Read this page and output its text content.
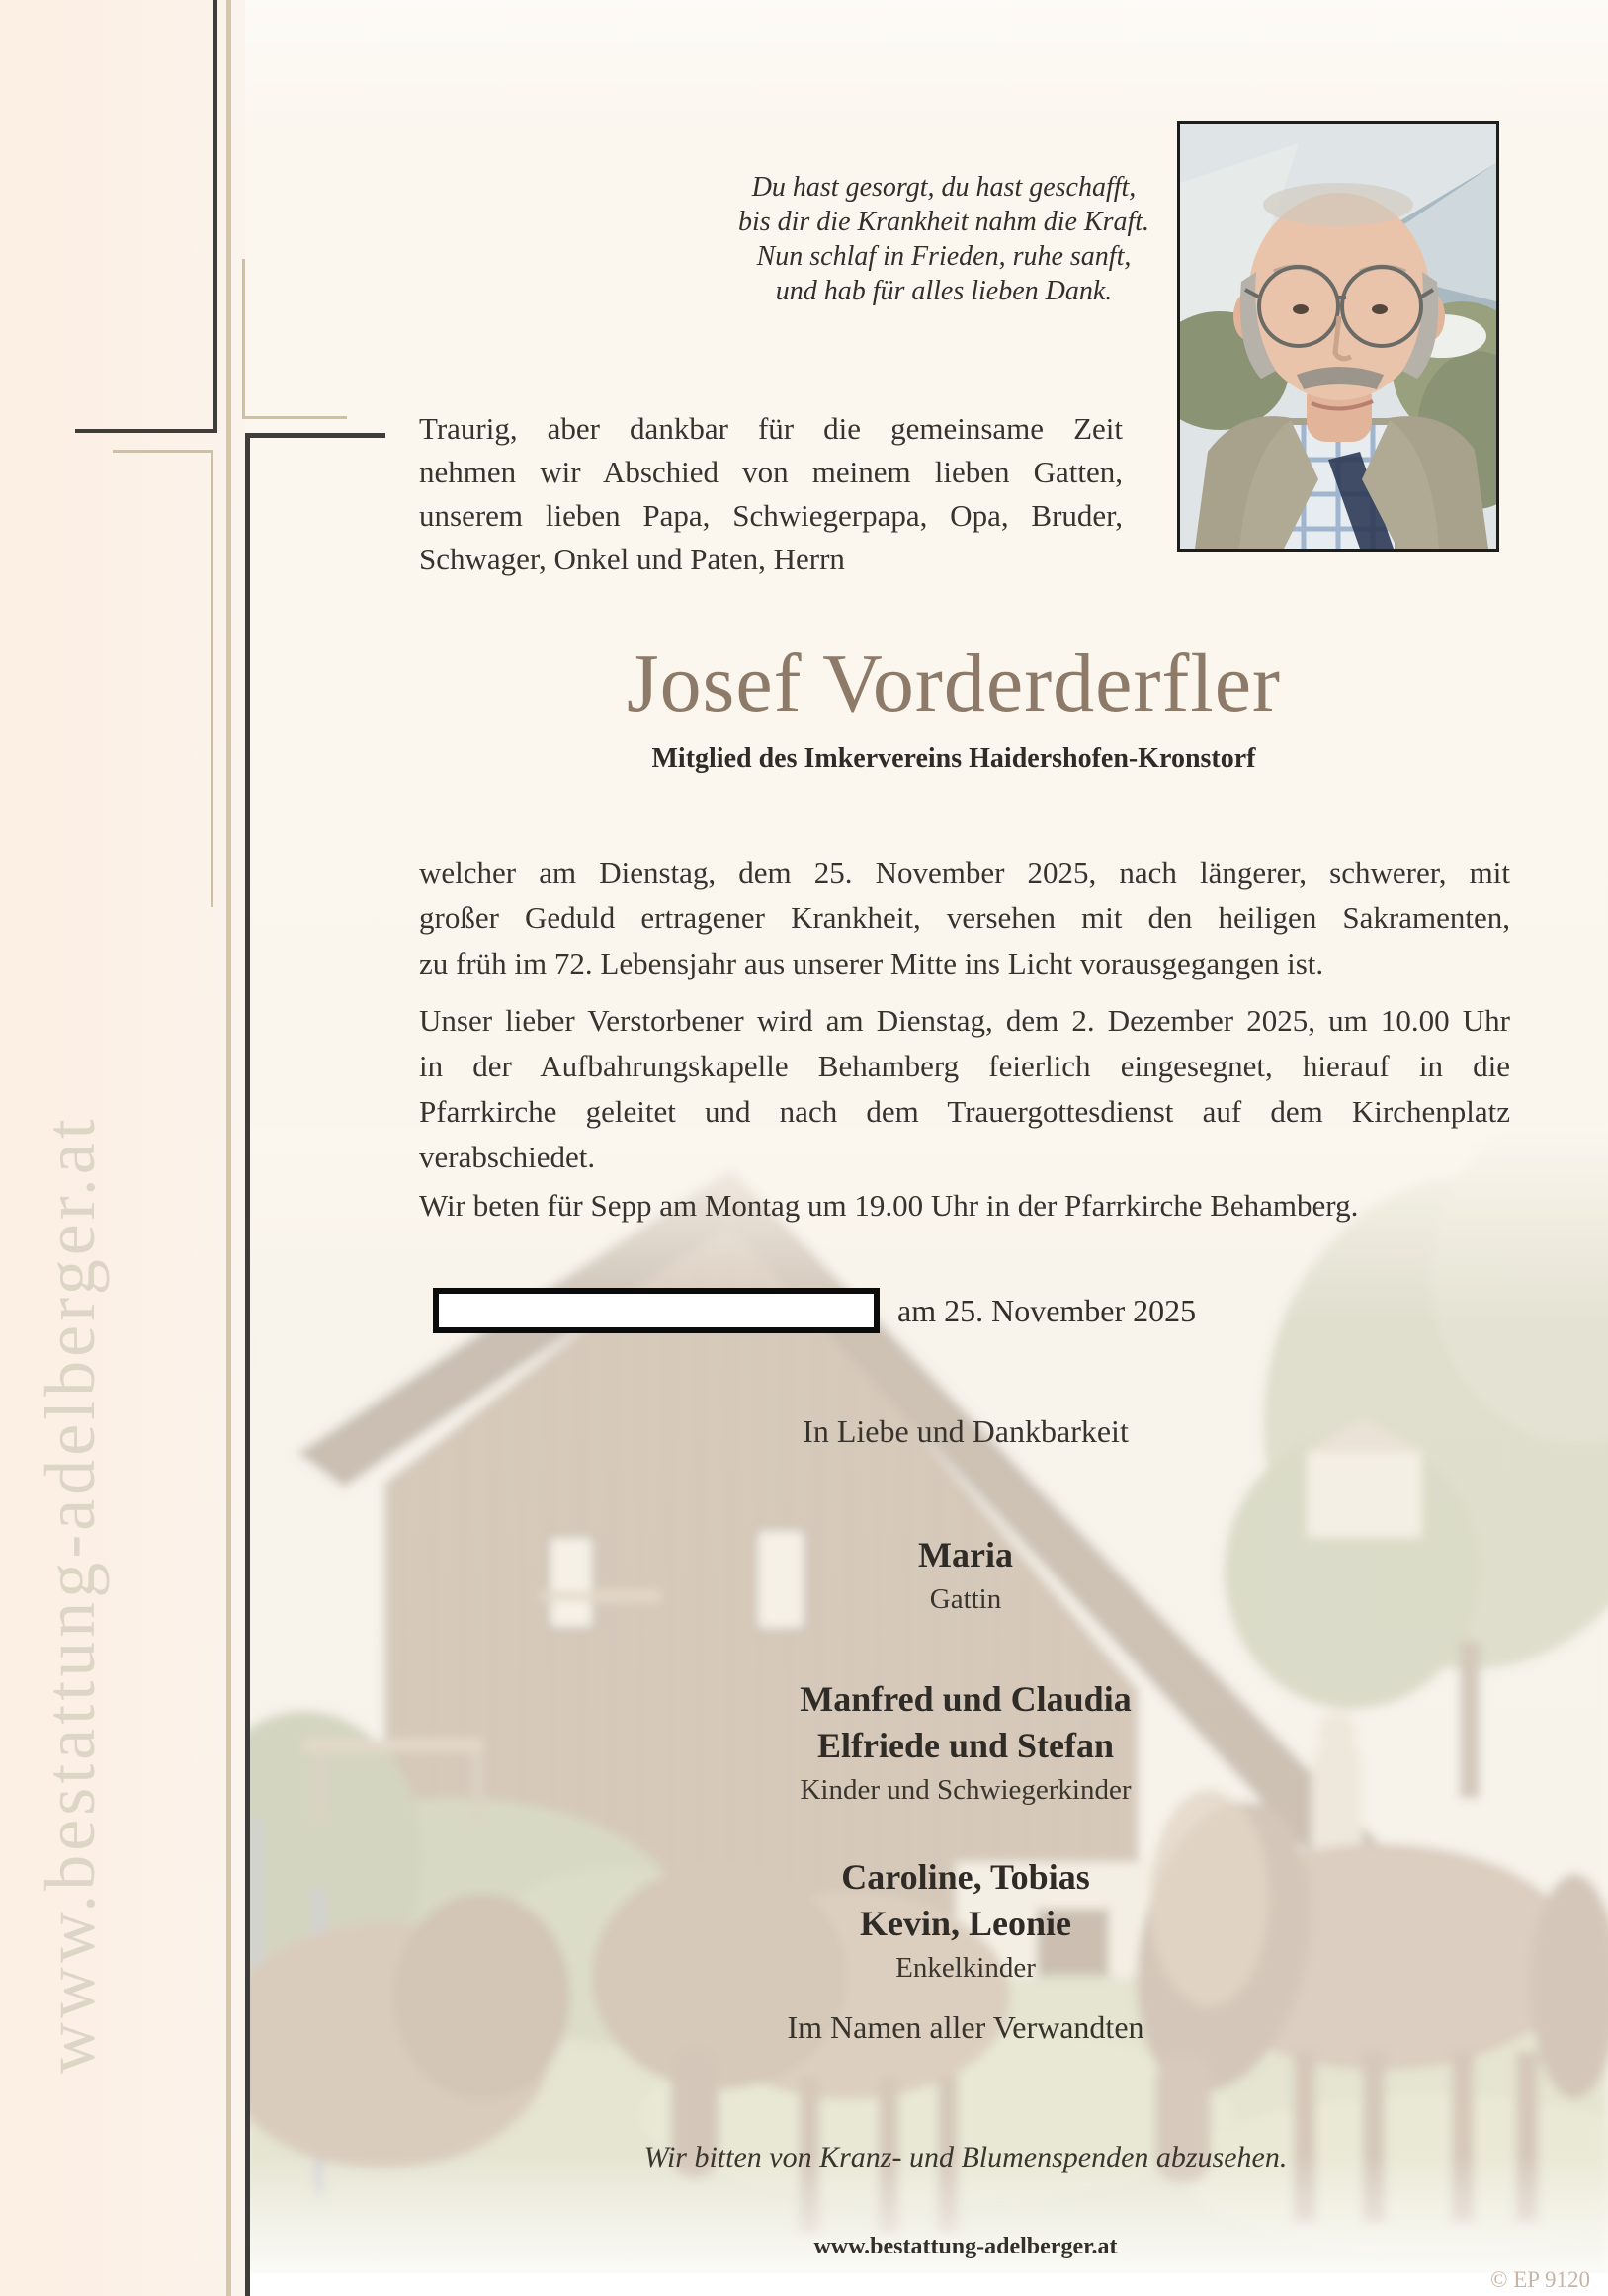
www.bestattung-adelberger.at
Du hast gesorgt, du hast geschafft,
bis dir die Krankheit nahm die Kraft.
Nun schlaf in Frieden, ruhe sanft,
und hab für alles lieben Dank.
Traurig, aber dankbar für die gemeinsame Zeit
nehmen wir Abschied von meinem lieben Gatten,
unserem lieben Papa, Schwiegerpapa, Opa, Bruder,
Schwager, Onkel und Paten, Herrn
Josef Vorderderfler
Mitglied des Imkervereins Haidershofen-Kronstorf
welcher am Dienstag, dem 25. November 2025, nach längerer, schwerer, mit
großer Geduld ertragener Krankheit, versehen mit den heiligen Sakramenten,
zu früh im 72. Lebensjahr aus unserer Mitte ins Licht vorausgegangen ist.
Unser lieber Verstorbener wird am Dienstag, dem 2. Dezember 2025, um 10.00 Uhr
in der Aufbahrungskapelle Behamberg feierlich eingesegnet, hierauf in die
Pfarrkirche geleitet und nach dem Trauergottesdienst auf dem Kirchenplatz
verabschiedet.
Wir beten für Sepp am Montag um 19.00 Uhr in der Pfarrkirche Behamberg.
am 25. November 2025
In Liebe und Dankbarkeit
Maria
Gattin
Manfred und Claudia
Elfriede und Stefan
Kinder und Schwiegerkinder
Caroline, Tobias
Kevin, Leonie
Enkelkinder
Im Namen aller Verwandten
Wir bitten von Kranz- und Blumenspenden abzusehen.
www.bestattung-adelberger.at
© EP 9120
